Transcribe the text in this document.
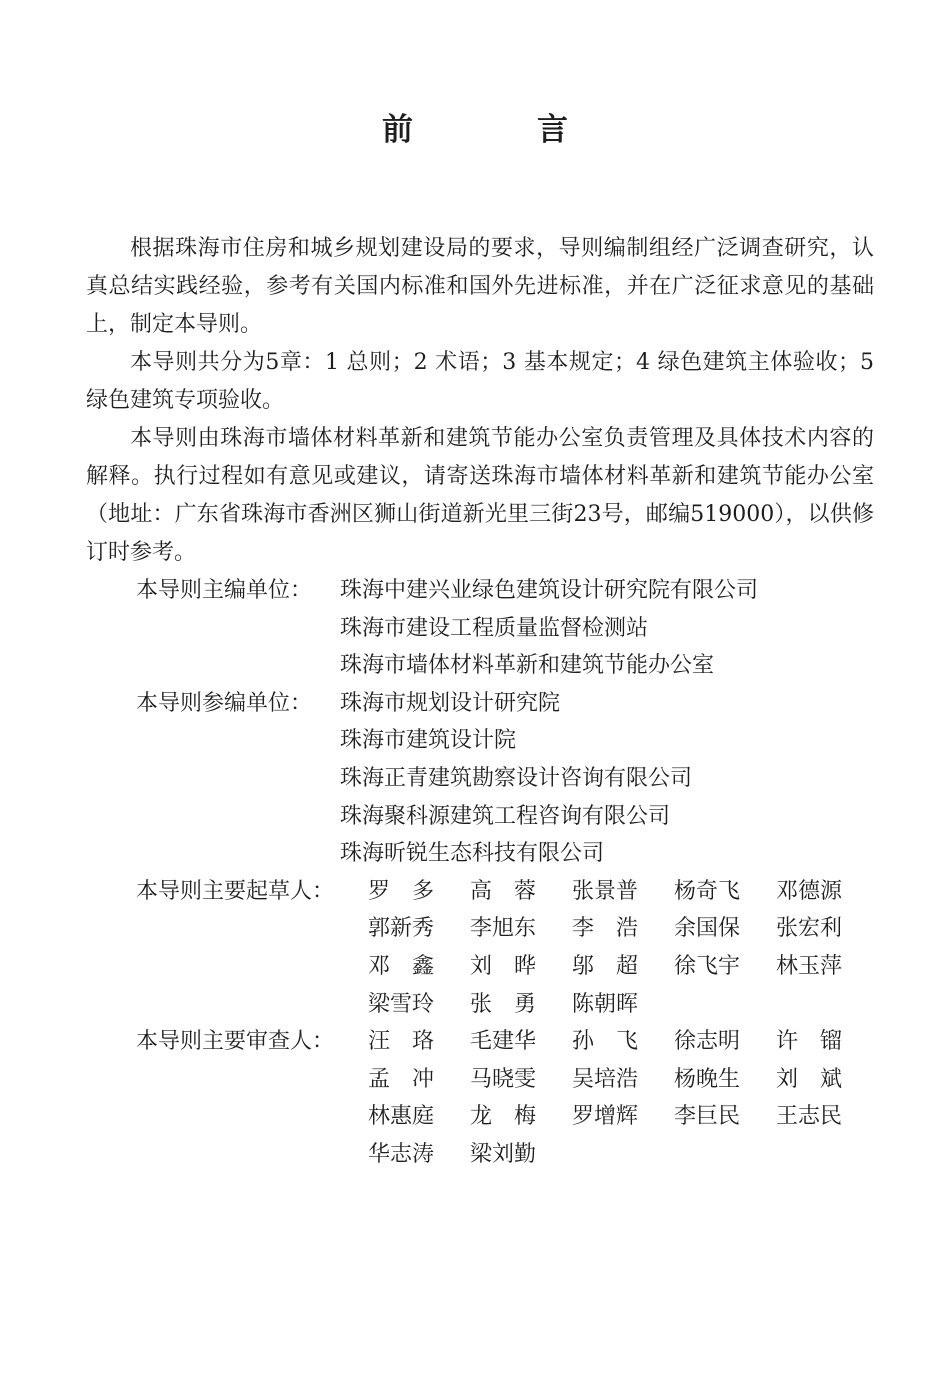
前　　　　言

根据珠海市住房和城乡规划建设局的要求，导则编制组经广泛调查研究，认真总结实践经验，参考有关国内标准和国外先进标准，并在广泛征求意见的基础上，制定本导则。

本导则共分为5章：1 总则；2 术语；3 基本规定；4 绿色建筑主体验收；5 绿色建筑专项验收。

本导则由珠海市墙体材料革新和建筑节能办公室负责管理及具体技术内容的解释。执行过程如有意见或建议，请寄送珠海市墙体材料革新和建筑节能办公室（地址：广东省珠海市香洲区狮山街道新光里三街23号，邮编519000），以供修订时参考。

本导则主编单位：	珠海中建兴业绿色建筑设计研究院有限公司
珠海市建设工程质量监督检测站
珠海市墙体材料革新和建筑节能办公室
本导则参编单位：	珠海市规划设计研究院
珠海市建筑设计院
珠海正青建筑勘察设计咨询有限公司
珠海聚科源建筑工程咨询有限公司
珠海昕锐生态科技有限公司
本导则主要起草人：	罗　多	高　蓉	张景普	杨奇飞	邓德源
郭新秀	李旭东	李　浩	余国保	张宏利
邓　鑫	刘　晔	邬　超	徐飞宇	林玉萍
梁雪玲	张　勇	陈朝晖
本导则主要审查人：	汪　珞	毛建华	孙　飞	徐志明	许　镏
孟　冲	马晓雯	吴培浩	杨晚生	刘　斌
林惠庭	龙　梅	罗增辉	李巨民	王志民
华志涛	梁刘勤
